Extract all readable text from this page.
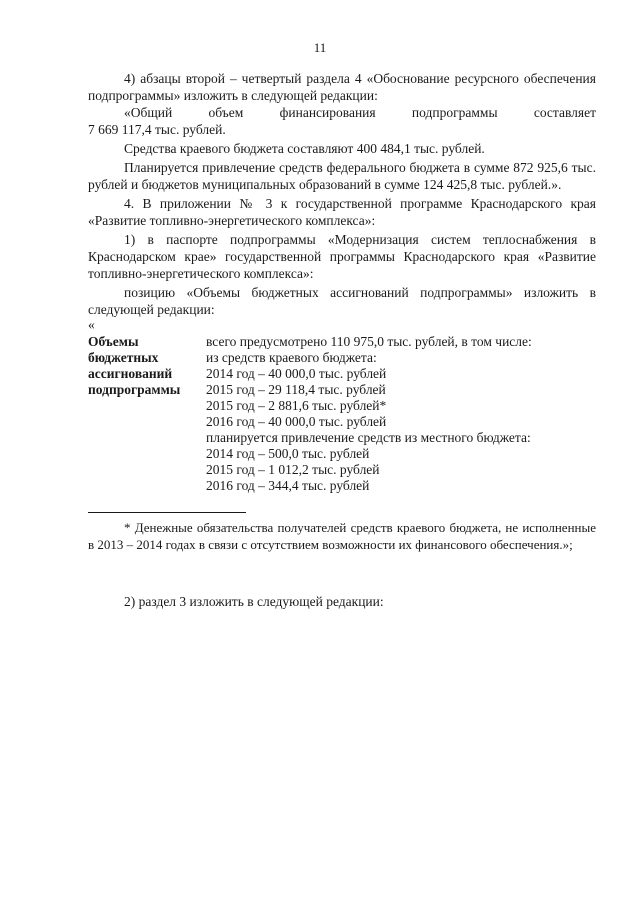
11

4) абзацы второй – четвертый раздела 4 «Обоснование ресурсного обеспечения подпрограммы» изложить в следующей редакции:

«Общий объем финансирования подпрограммы составляет

7 669 117,4 тыс. рублей.

Средства краевого бюджета составляют 400 484,1 тыс. рублей.

Планируется привлечение средств федерального бюджета в сумме 872 925,6 тыс. рублей и бюджетов муниципальных образований в сумме 124 425,8 тыс. рублей.».

4. В приложении № 3 к государственной программе Краснодарского края «Развитие топливно-энергетического комплекса»:

1) в паспорте подпрограммы «Модернизация систем теплоснабжения в Краснодарском крае» государственной программы Краснодарского края «Развитие топливно-энергетического комплекса»:

позицию «Объемы бюджетных ассигнований подпрограммы» изложить в следующей редакции:

«
Объемы бюджетных ассигнований подпрограммы
всего предусмотрено 110 975,0 тыс. рублей, в том числе:
из средств краевого бюджета:
2014 год – 40 000,0 тыс. рублей
2015 год – 29 118,4 тыс. рублей
2015 год – 2 881,6 тыс. рублей*
2016 год – 40 000,0 тыс. рублей
планируется привлечение средств из местного бюджета:
2014 год – 500,0 тыс. рублей
2015 год – 1 012,2 тыс. рублей
2016 год – 344,4 тыс. рублей

* Денежные обязательства получателей средств краевого бюджета, не исполненные в 2013 – 2014 годах в связи с отсутствием возможности их финансового обеспечения.»;

2) раздел 3 изложить в следующей редакции:
